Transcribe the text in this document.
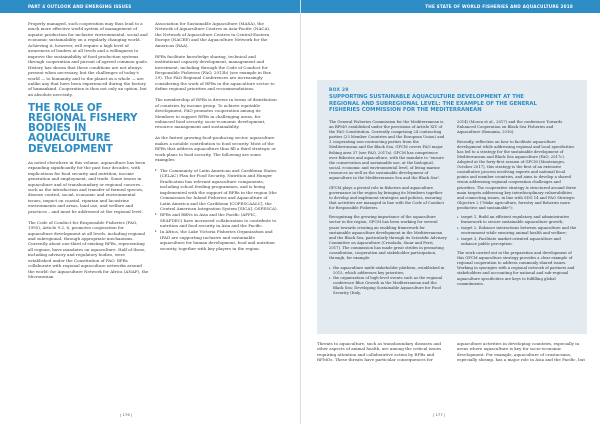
PART 4 OUTLOOK AND EMERGING ISSUES

Properly managed, such cooperation may thus lead to a much more effective world system of management of aquatic production for inclusive environmental, social and economic sustainability on a regularly changing world. Achieving it, however, will require a high level of awareness of leaders at all levels and a willingness to improve the sustainability of food production systems through cooperation and pursuit of agreed common goals. History has shown that these conditions are not always present when necessary, but the challenges of today's world — to humanity and to the planet as a whole — are unlike any that have been experienced during the history of humankind. Cooperation is thus not only an option, but an absolute necessity.

THE ROLE OF REGIONAL FISHERY BODIES IN AQUACULTURE DEVELOPMENT

As noted elsewhere in this volume, aquaculture has been expanding significantly for the past four decades, with implications for food security and nutrition, income generation and employment, and trade. Some issues in aquaculture and of transboundary or regional concern – such as the introduction and transfer of farmed species, disease control, social, economic and environmental issues, impact on coastal, riparian and lacustrine environments and areas, land use, and welfare and practices – and must be addressed at the regional level.

The Code of Conduct for Responsible Fisheries (FAO, 1995), Article 9.2, 6, promotes cooperation for aquaculture development at all levels, including regional and subregional, through appropriate mechanisms. Currently about one-third of existing RFBs, representing all regions, have mandates on aquaculture. Half of these, including advisory and regulatory bodies, were established under the Constitution of FAO. RFBs collaborate with regional aquaculture networks around the world: for Aquaculture Network for Africa (ANAF), the Micronesian

Association for Sustainable Aquaculture (MASA), the Network of Aquaculture Centres in Asia-Pacific (NACA), the Network of Aquaculture Centres in Central-Eastern Europe (NACEE) and the Aquaculture Network for the Americas (RAA).

RFBs facilitate knowledge sharing, technical and institutional capacity development, management and investment, including through the Code of Conduct for Responsible Fisheries (FAO, 2013b) (see example in Box 29). The FAO Regional Conferences are increasingly considering the work of RFBs in the aquaculture sector to define regional priorities and recommendations.

The membership of RFBs is diverse in terms of distribution of countries by income group. To achieve equitable development, FAO promotes cooperation among its Members to support RFBs in challenging areas, for enhanced food security, socio-economic development, resource management and sustainability.

As the fastest growing food-producing sector, aquaculture makes a notable contribution to food security. Most of the RFBs that address aquaculture thus fill a third strategic or work plans to food security. The following are some examples:

▸ The Community of Latin American and Caribbean States (CELAC) Plan for Food Security, Nutrition and Hunger Eradication has relevant aquaculture components, including school feeding programmes, and is being implemented with the support of RFBs in the region (the Commission for Inland Fisheries and Aquaculture of Latin America and the Caribbean [COPESCAALC], the Central American Integration System [SICA], OSPESCA).
▸ RFBs and RBNs in Asia and the Pacific (APFIC, SEAFDEC) have increased collaboration to contribute to nutrition and food security in Asia and the Pacific.
▸ In Africa, the Lake Victoria Fisheries Organization and IFAD are supporting inclusive and sustainable aquaculture for human development, food and nutrition security, together with key players in the region.
| 176 |
THE STATE OF WORLD FISHERIES AND AQUACULTURE 2018
BOX 29
SUPPORTING SUSTAINABLE AQUACULTURE DEVELOPMENT AT THE REGIONAL AND SUBREGIONAL LEVEL: THE EXAMPLE OF THE GENERAL FISHERIES COMMISSION FOR THE MEDITERRANEAN

The General Fisheries Commission for the Mediterranean is an RFMO established under the provisions of Article XIV of the FAO Constitution. Currently comprising 24 contracting parties (23 Member Countries and the European Union) and 3 cooperating non-contracting parties from the Mediterranean and the Black Sea, GFCM covers FAO major fishing area 37 (see FAO, 2017a). GFCM has competence over fisheries and aquaculture, with the mandate to "ensure the conservation and sustainable use, at the biological, social, economic and environmental level, of living marine resources as well as the sustainable development of aquaculture in the Mediterranean Sea and the Black Sea".

GFCM plays a pivotal role in fisheries and aquaculture governance in the region by bringing its Members together to develop and implement strategies and policies, ensuring that activities are managed in line with the Code of Conduct for Responsible Fisheries.

Recognizing the growing importance of the aquaculture sector in the region, GFCM has been working for several years towards creating an enabling framework for sustainable aquaculture development in the Mediterranean and the Black Sea, particularly through its Scientific Advisory Committee on Aquaculture (Crisolada, Sinar and Ferri, 2017). The commission has made great strides in promoting consultation, cooperation and stakeholder participation, through, for example:

▸ the aquaculture multi-stakeholder platform, established in 2015, which addresses key priorities;
▸ the organization of high-level events such as the regional conference Blue Growth in the Mediterranean and the Black Sea: Developing Sustainable Aquaculture for Food Security (Italy,

2014) (Mosca et al., 2017) and the conference Towards Enhanced Cooperation on Black Sea Fisheries and Aquaculture (Romania, 2016).

Recently, reflection on how to facilitate aquaculture development while addressing regional and local specificities has led to a strategy for the sustainable development of Mediterranean and Black Sea aquaculture (FAO, 2017c). Adopted at the forty-first session of GFCM (Montenegro, October 2017), this strategy is the first of an extensive consultative process involving experts and national focal points and member countries, and aims to develop a shared vision addressing regional cooperation challenges and priorities. The cooperative strategy is structured around three main targets addressing key interdisciplinary vulnerabilities and connecting issues, in line with SDG 14 and FAO Strategic Objective 2 ("Make agriculture, forestry and fisheries more productive and sustainable"):

▸ target 1, Build an efficient regulatory and administrative framework to secure sustainable aquaculture growth;
▸ target 2, Enhance interactions between aquaculture and the environment while ensuring animal health and welfare;
▸ target 3, Facilitate market-oriented aquaculture and enhance public perception.

The work carried out in the preparation and development of this GFCM aquaculture strategy provides a clear example of regional cooperation to address commonly shared issues. Working in synergies with a regional network of partners and stakeholders and accounting for national and sub-regional aquaculture specificities are keys to fulfilling global commitments.

Threats to aquaculture, such as transboundary diseases and other aspects of animal health, are among the critical issues requiring attention and collaborative action by RFBs and RFMOs. These threats have particular consequences for

aquaculture activities in developing countries, especially in areas where aquaculture is key for socio-economic development. For example, aquaculture of crustaceans, especially shrimp, has a major role in Asia and the Pacific, but

| 177 |
